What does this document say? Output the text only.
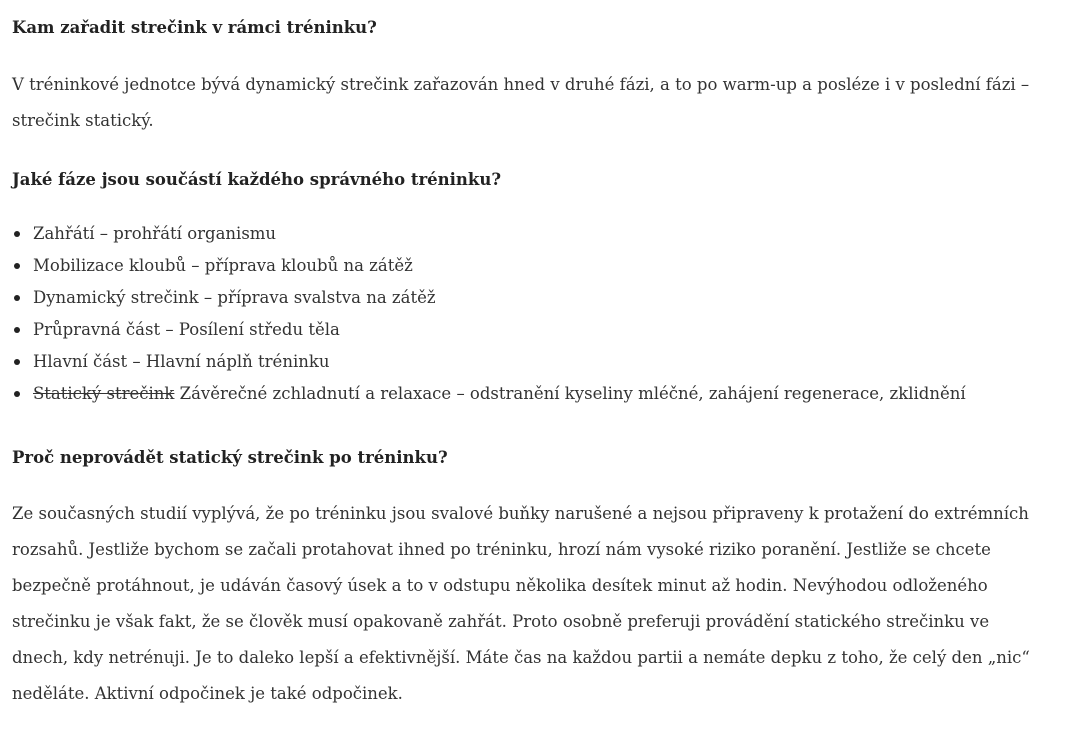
Kam zařadit strečink v rámci tréninku?

V tréninkové jednotce bývá dynamický strečink zařazován hned v druhé fázi, a to po warm-up a posléze i v poslední fázi – strečink statický.

Jaké fáze jsou součástí každého správného tréninku?
Zahřátí – prohřátí organismu
Mobilizace kloubů – příprava kloubů na zátěž
Dynamický strečink – příprava svalstva na zátěž
Průpravná část – Posílení středu těla
Hlavní část – Hlavní náplň tréninku
Statický strečink Závěrečné zchladnutí a relaxace – odstranění kyseliny mléčné, zahájení regenerace, zklidnění
Proč neprovádět statický strečink po tréninku?

Ze současných studií vyplývá, že po tréninku jsou svalové buňky narušené a nejsou připraveny k protažení do extrémních rozsahů. Jestliže bychom se začali protahovat ihned po tréninku, hrozí nám vysoké riziko poranění. Jestliže se chcete bezpečně protáhnout, je udáván časový úsek a to v odstupu několika desítek minut až hodin. Nevýhodou odloženého strečinku je však fakt, že se člověk musí opakovaně zahřát. Proto osobně preferuji provádění statického strečinku ve dnech, kdy netrénuji. Je to daleko lepší a efektivnější. Máte čas na každou partii a nemáte depku z toho, že celý den „nic“ neděláte. Aktivní odpočinek je také odpočinek.
